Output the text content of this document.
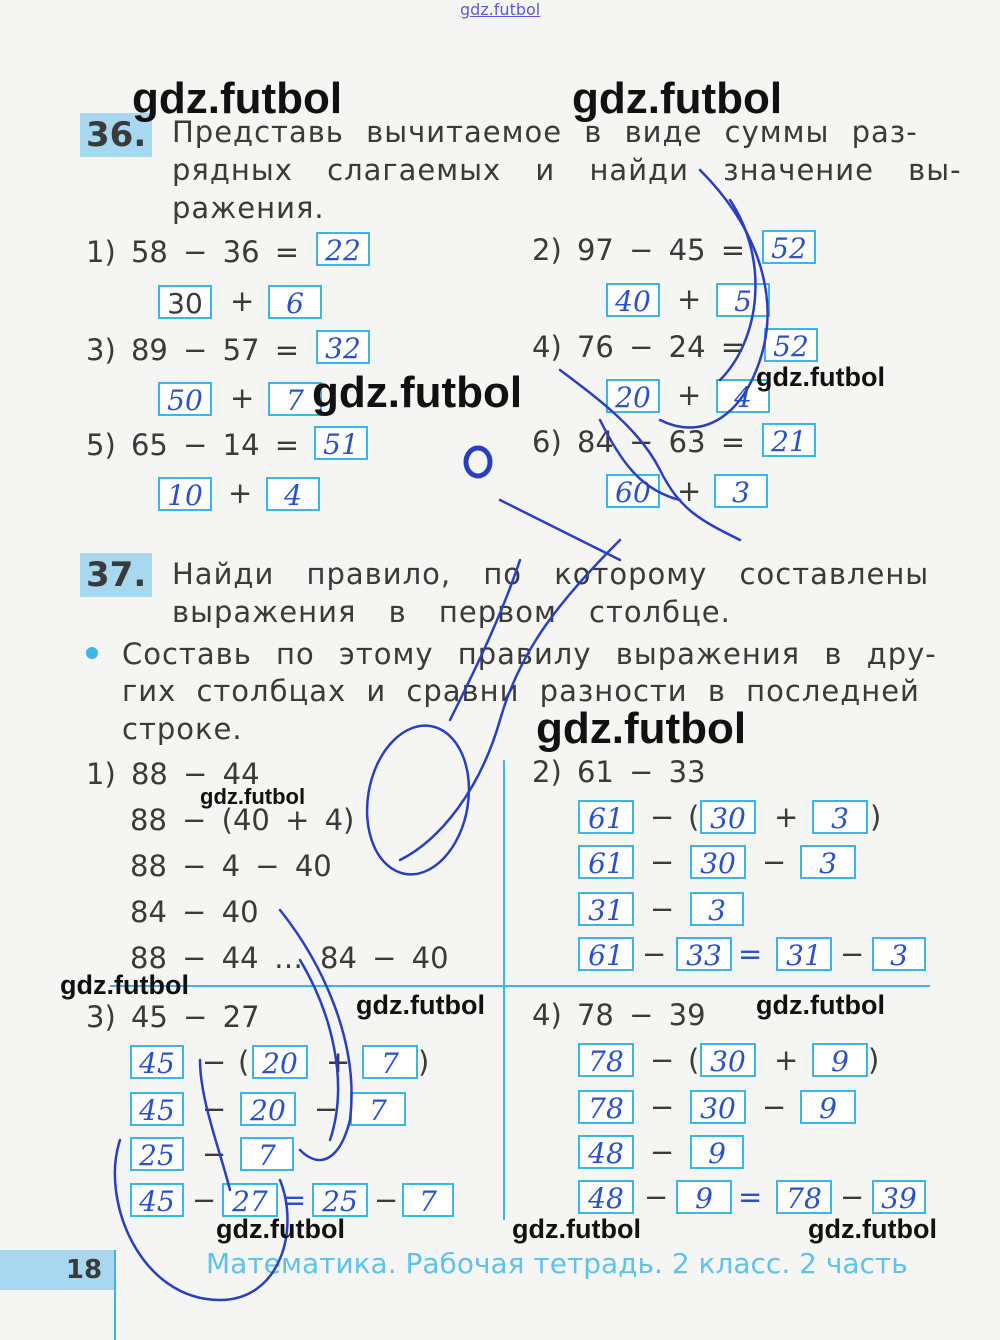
gdz.futbol
36. Представь вычитаемое в виде суммы раз-
рядных слагаемых и найди значение вы-
ражения.
1) 58 − 36 = 22
30 +	6
2) 97 − 45 = 52
40 +	5
3) 89 − 57 = 32
50 +	7
4) 76 − 24 =	52
20 +	4
5) 65 − 14 = 51
10 +	4
6) 84 − 63 = 21
60 +	3
37. Найди правило, по которому составлены
выражения в первом столбце.
Составь по этому правилу выражения в дру-
гих столбцах и сравни разности в последней
строке.
1) 88 − 44
88 − (40 + 4)
88 − 4 − 40
84 − 40
88 − 44 … 84 − 40
2) 61 − 33
61 − ( 30 +	3 )
61 − 30 −	3
31 −	3
61 − 33 = 31 − 3
3) 45 − 27
45 − ( 20 +	7 )
45 − 20 −	7
25 −	7
45 − 27 = 25 − 7
4) 78 − 39
78 − ( 30 +	9 )
78 − 30 −	9
48 −	9
48 − 9 = 78 − 39
18	Математика. Рабочая тетрадь. 2 класс. 2 часть
gdz.futbol	gdz.futbol
gdz.futbol	gdz.futbol
gdz.futbol
gdz.futbol
gdz.futbol
gdz.futbol	gdz.futbol
gdz.futbol	gdz.futbol	gdz.futbol
